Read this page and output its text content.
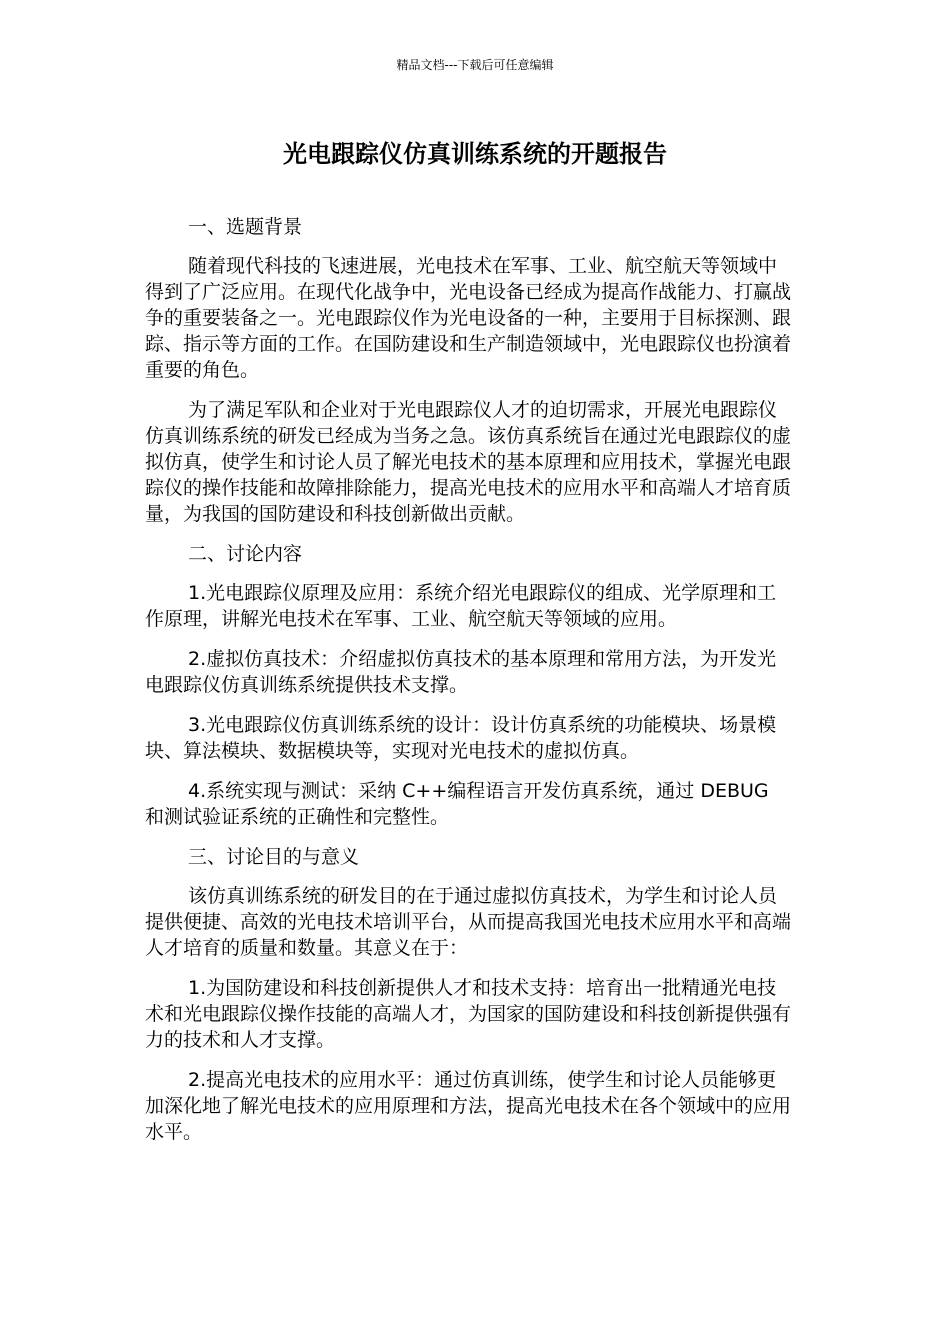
精品文档---下载后可任意编辑
光电跟踪仪仿真训练系统的开题报告

一、选题背景

随着现代科技的飞速进展，光电技术在军事、工业、航空航天等领域中得到了广泛应用。在现代化战争中，光电设备已经成为提高作战能力、打赢战争的重要装备之一。光电跟踪仪作为光电设备的一种，主要用于目标探测、跟踪、指示等方面的工作。在国防建设和生产制造领域中，光电跟踪仪也扮演着重要的角色。

为了满足军队和企业对于光电跟踪仪人才的迫切需求，开展光电跟踪仪仿真训练系统的研发已经成为当务之急。该仿真系统旨在通过光电跟踪仪的虚拟仿真，使学生和讨论人员了解光电技术的基本原理和应用技术，掌握光电跟踪仪的操作技能和故障排除能力，提高光电技术的应用水平和高端人才培育质量，为我国的国防建设和科技创新做出贡献。

二、讨论内容

1.光电跟踪仪原理及应用：系统介绍光电跟踪仪的组成、光学原理和工作原理，讲解光电技术在军事、工业、航空航天等领域的应用。

2.虚拟仿真技术：介绍虚拟仿真技术的基本原理和常用方法，为开发光电跟踪仪仿真训练系统提供技术支撑。

3.光电跟踪仪仿真训练系统的设计：设计仿真系统的功能模块、场景模块、算法模块、数据模块等，实现对光电技术的虚拟仿真。

4.系统实现与测试：采纳 C++编程语言开发仿真系统，通过 DEBUG 和测试验证系统的正确性和完整性。

三、讨论目的与意义

该仿真训练系统的研发目的在于通过虚拟仿真技术，为学生和讨论人员提供便捷、高效的光电技术培训平台，从而提高我国光电技术应用水平和高端人才培育的质量和数量。其意义在于：

1.为国防建设和科技创新提供人才和技术支持：培育出一批精通光电技术和光电跟踪仪操作技能的高端人才，为国家的国防建设和科技创新提供强有力的技术和人才支撑。

2.提高光电技术的应用水平：通过仿真训练，使学生和讨论人员能够更加深化地了解光电技术的应用原理和方法，提高光电技术在各个领域中的应用水平。
